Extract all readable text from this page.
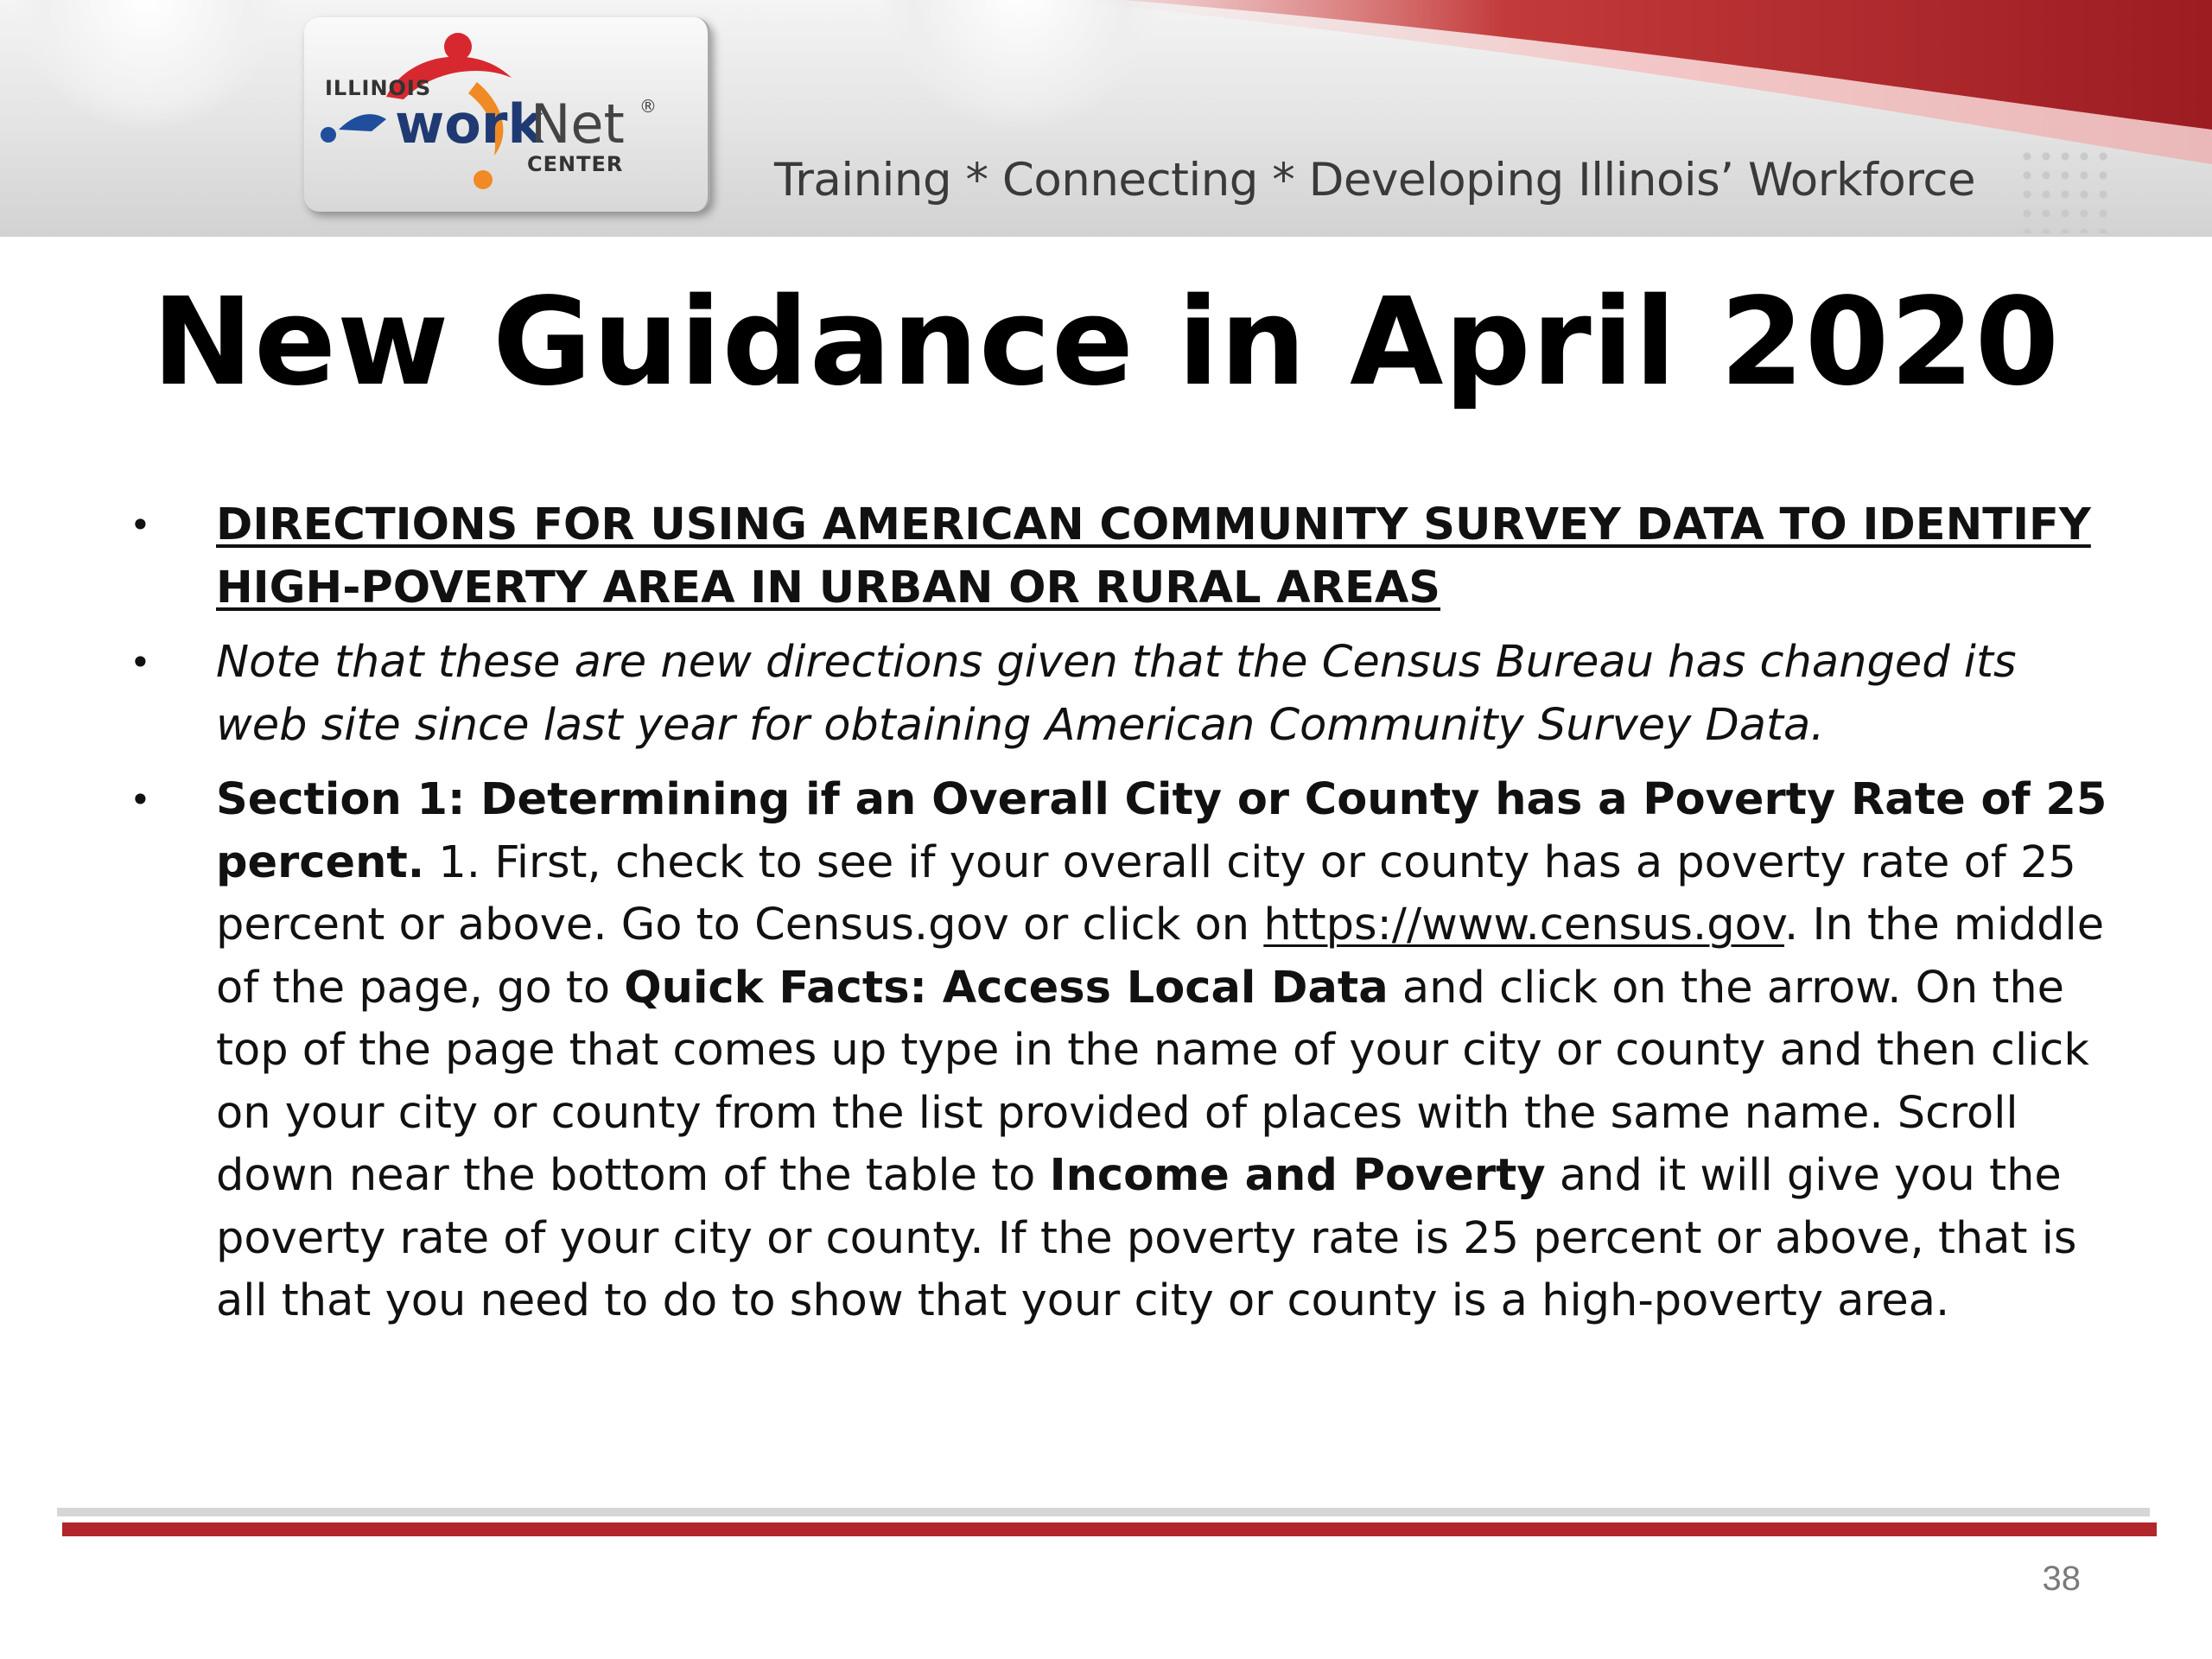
ILLINOIS
work
Net ®
CENTER	Training * Connecting * Developing Illinois’ Workforce
New Guidance in April 2020
• DIRECTIONS FOR USING AMERICAN COMMUNITY SURVEY DATA TO IDENTIFY HIGH-POVERTY AREA IN URBAN OR RURAL AREAS
• Note that these are new directions given that the Census Bureau has changed its web site since last year for obtaining American Community Survey Data.
• Section 1: Determining if an Overall City or County has a Poverty Rate of 25 percent. 1. First, check to see if your overall city or county has a poverty rate of 25 percent or above. Go to Census.gov or click on https://www.census.gov. In the middle of the page, go to Quick Facts: Access Local Data and click on the arrow. On the top of the page that comes up type in the name of your city or county and then click on your city or county from the list provided of places with the same name. Scroll down near the bottom of the table to Income and Poverty and it will give you the poverty rate of your city or county. If the poverty rate is 25 percent or above, that is all that you need to do to show that your city or county is a high-poverty area.
38
